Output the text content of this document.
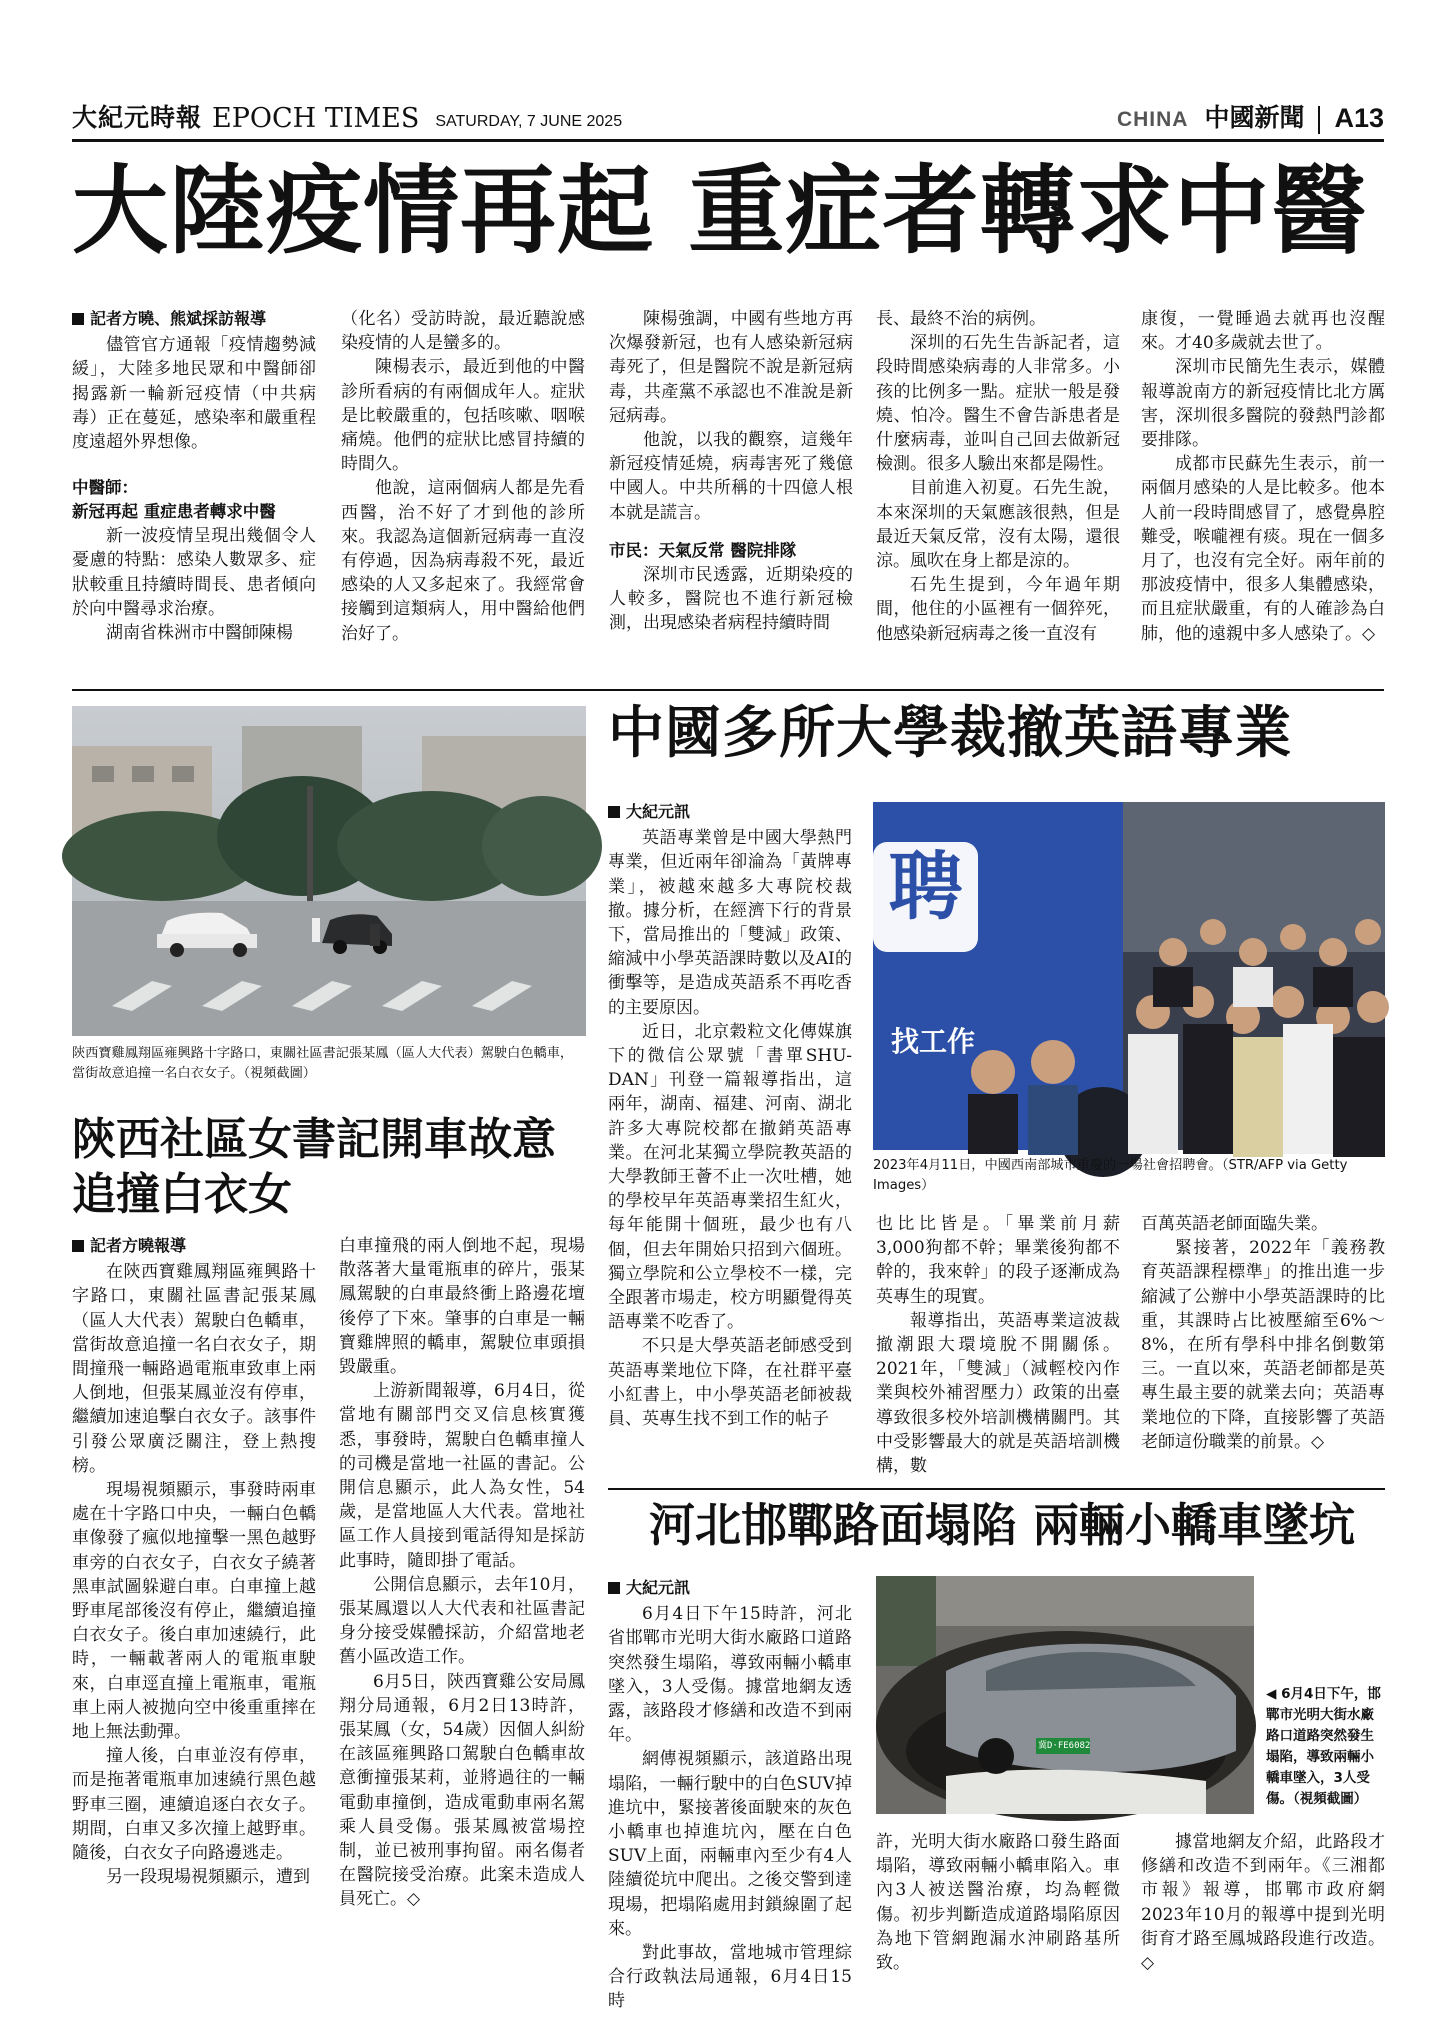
大紀元時報 EPOCH TIMES SATURDAY, 7 JUNE 2025	CHINA 中國新聞 A13
大陸疫情再起 重症者轉求中醫

記者方曉、熊斌採訪報導

儘管官方通報「疫情趨勢減緩」，大陸多地民眾和中醫師卻揭露新一輪新冠疫情（中共病毒）正在蔓延，感染率和嚴重程度遠超外界想像。

中醫師：

新冠再起 重症患者轉求中醫

新一波疫情呈現出幾個令人憂慮的特點：感染人數眾多、症狀較重且持續時間長、患者傾向於向中醫尋求治療。

湖南省株洲市中醫師陳楊

（化名）受訪時說，最近聽說感染疫情的人是蠻多的。

陳楊表示，最近到他的中醫診所看病的有兩個成年人。症狀是比較嚴重的，包括咳嗽、咽喉痛燒。他們的症狀比感冒持續的時間久。

他說，這兩個病人都是先看西醫，治不好了才到他的診所來。我認為這個新冠病毒一直沒有停過，因為病毒殺不死，最近感染的人又多起來了。我經常會接觸到這類病人，用中醫給他們治好了。

陳楊強調，中國有些地方再次爆發新冠，也有人感染新冠病毒死了，但是醫院不說是新冠病毒，共產黨不承認也不准說是新冠病毒。

他說，以我的觀察，這幾年新冠疫情延燒，病毒害死了幾億中國人。中共所稱的十四億人根本就是謊言。

市民：天氣反常 醫院排隊

深圳市民透露，近期染疫的人較多，醫院也不進行新冠檢測，出現感染者病程持續時間

長、最終不治的病例。

深圳的石先生告訴記者，這段時間感染病毒的人非常多。小孩的比例多一點。症狀一般是發燒、怕冷。醫生不會告訴患者是什麼病毒，並叫自己回去做新冠檢測。很多人驗出來都是陽性。

目前進入初夏。石先生說，本來深圳的天氣應該很熱，但是最近天氣反常，沒有太陽，還很涼。風吹在身上都是涼的。

石先生提到，今年過年期間，他住的小區裡有一個猝死，他感染新冠病毒之後一直沒有

康復，一覺睡過去就再也沒醒來。才40多歲就去世了。

深圳市民簡先生表示，媒體報導說南方的新冠疫情比北方厲害，深圳很多醫院的發熱門診都要排隊。

成都市民蘇先生表示，前一兩個月感染的人是比較多。他本人前一段時間感冒了，感覺鼻腔難受，喉嚨裡有痰。現在一個多月了，也沒有完全好。兩年前的那波疫情中，很多人集體感染，而且症狀嚴重，有的人確診為白肺，他的遠親中多人感染了。◇

陝西寶雞鳳翔區雍興路十字路口，東關社區書記張某鳳（區人大代表）駕駛白色轎車，當街故意追撞一名白衣女子。（視頻截圖）
陝西社區女書記開車故意追撞白衣女

記者方曉報導

在陝西寶雞鳳翔區雍興路十字路口，東關社區書記張某鳳（區人大代表）駕駛白色轎車，當街故意追撞一名白衣女子，期間撞飛一輛路過電瓶車致車上兩人倒地，但張某鳳並沒有停車，繼續加速追擊白衣女子。該事件引發公眾廣泛關注，登上熱搜榜。

現場視頻顯示，事發時兩車處在十字路口中央，一輛白色轎車像發了瘋似地撞擊一黑色越野車旁的白衣女子，白衣女子繞著黑車試圖躲避白車。白車撞上越野車尾部後沒有停止，繼續追撞白衣女子。後白車加速繞行，此時，一輛載著兩人的電瓶車駛來，白車逕直撞上電瓶車，電瓶車上兩人被拋向空中後重重摔在地上無法動彈。

撞人後，白車並沒有停車，而是拖著電瓶車加速繞行黑色越野車三圈，連續追逐白衣女子。期間，白車又多次撞上越野車。隨後，白衣女子向路邊逃走。

另一段現場視頻顯示，遭到

白車撞飛的兩人倒地不起，現場散落著大量電瓶車的碎片，張某鳳駕駛的白車最終衝上路邊花壇後停了下來。肇事的白車是一輛寶雞牌照的轎車，駕駛位車頭損毀嚴重。

上游新聞報導，6月4日，從當地有關部門交叉信息核實獲悉，事發時，駕駛白色轎車撞人的司機是當地一社區的書記。公開信息顯示，此人為女性，54歲，是當地區人大代表。當地社區工作人員接到電話得知是採訪此事時，隨即掛了電話。

公開信息顯示，去年10月，張某鳳還以人大代表和社區書記身分接受媒體採訪，介紹當地老舊小區改造工作。

6月5日，陝西寶雞公安局鳳翔分局通報，6月2日13時許，張某鳳（女，54歲）因個人糾紛在該區雍興路口駕駛白色轎車故意衝撞張某莉，並將過往的一輛電動車撞倒，造成電動車兩名駕乘人員受傷。張某鳳被當場控制，並已被刑事拘留。兩名傷者在醫院接受治療。此案未造成人員死亡。◇

中國多所大學裁撤英語專業

大紀元訊

英語專業曾是中國大學熱門專業，但近兩年卻淪為「黃牌專業」，被越來越多大專院校裁撤。據分析，在經濟下行的背景下，當局推出的「雙減」政策、縮減中小學英語課時數以及AI的衝擊等，是造成英語系不再吃香的主要原因。

近日，北京穀粒文化傳媒旗下的微信公眾號「書單SHU-DAN」刊登一篇報導指出，這兩年，湖南、福建、河南、湖北許多大專院校都在撤銷英語專業。在河北某獨立學院教英語的大學教師王薈不止一次吐槽，她的學校早年英語專業招生紅火，每年能開十個班，最少也有八個，但去年開始只招到六個班。獨立學院和公立學校不一樣，完全跟著市場走，校方明顯覺得英語專業不吃香了。

不只是大學英語老師感受到英語專業地位下降，在社群平臺小紅書上，中小學英語老師被裁員、英專生找不到工作的帖子

聘
找工作
2023年4月11日，中國西南部城市重慶的一場社會招聘會。（STR/AFP via Getty Images）

也比比皆是。「畢業前月薪3,000狗都不幹；畢業後狗都不幹的，我來幹」的段子逐漸成為英專生的現實。

報導指出，英語專業這波裁撤潮跟大環境脫不開關係。2021年，「雙減」（減輕校內作業與校外補習壓力）政策的出臺導致很多校外培訓機構關門。其中受影響最大的就是英語培訓機構，數

百萬英語老師面臨失業。

緊接著，2022年「義務教育英語課程標準」的推出進一步縮減了公辦中小學英語課時的比重，其課時占比被壓縮至6%～8%，在所有學科中排名倒數第三。一直以來，英語老師都是英專生最主要的就業去向；英語專業地位的下降，直接影響了英語老師這份職業的前景。◇

河北邯鄲路面塌陷 兩輛小轎車墜坑

大紀元訊

6月4日下午15時許，河北省邯鄲市光明大街水廠路口道路突然發生塌陷，導致兩輛小轎車墜入，3人受傷。據當地網友透露，該路段才修繕和改造不到兩年。

網傳視頻顯示，該道路出現塌陷，一輛行駛中的白色SUV掉進坑中，緊接著後面駛來的灰色小轎車也掉進坑內，壓在白色SUV上面，兩輛車內至少有4人陸續從坑中爬出。之後交警到達現場，把塌陷處用封鎖線圍了起來。

對此事故，當地城市管理綜合行政執法局通報，6月4日15時

冀D·FE6082
◀ 6月4日下午，邯鄲市光明大街水廠路口道路突然發生塌陷，導致兩輛小轎車墜入，3人受傷。（視頻截圖）

許，光明大街水廠路口發生路面塌陷，導致兩輛小轎車陷入。車內3人被送醫治療，均為輕微傷。初步判斷造成道路塌陷原因為地下管網跑漏水沖刷路基所致。

據當地網友介紹，此路段才修繕和改造不到兩年。《三湘都市報》報導，邯鄲市政府網2023年10月的報導中提到光明街育才路至鳳城路段進行改造。◇
